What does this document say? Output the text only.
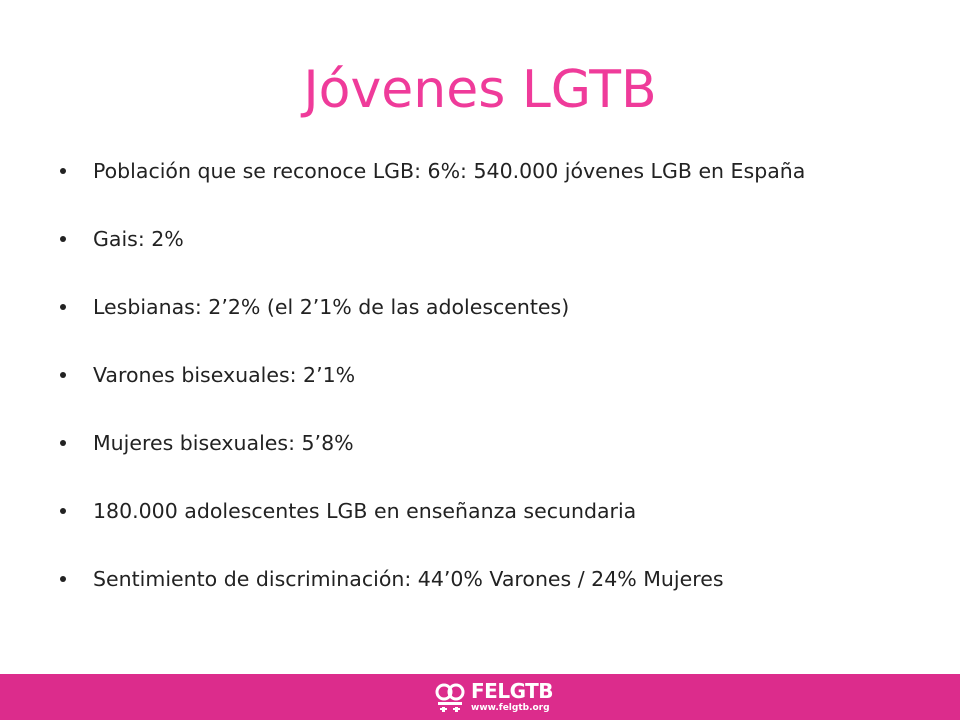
Jóvenes LGTB
Población que se reconoce LGB: 6%: 540.000 jóvenes LGB en España
Gais: 2%
Lesbianas: 2’2% (el 2’1% de las adolescentes)
Varones bisexuales: 2’1%
Mujeres bisexuales: 5’8%
180.000 adolescentes LGB en enseñanza secundaria
Sentimiento de discriminación: 44’0% Varones / 24% Mujeres
FELGTB
www.felgtb.org
